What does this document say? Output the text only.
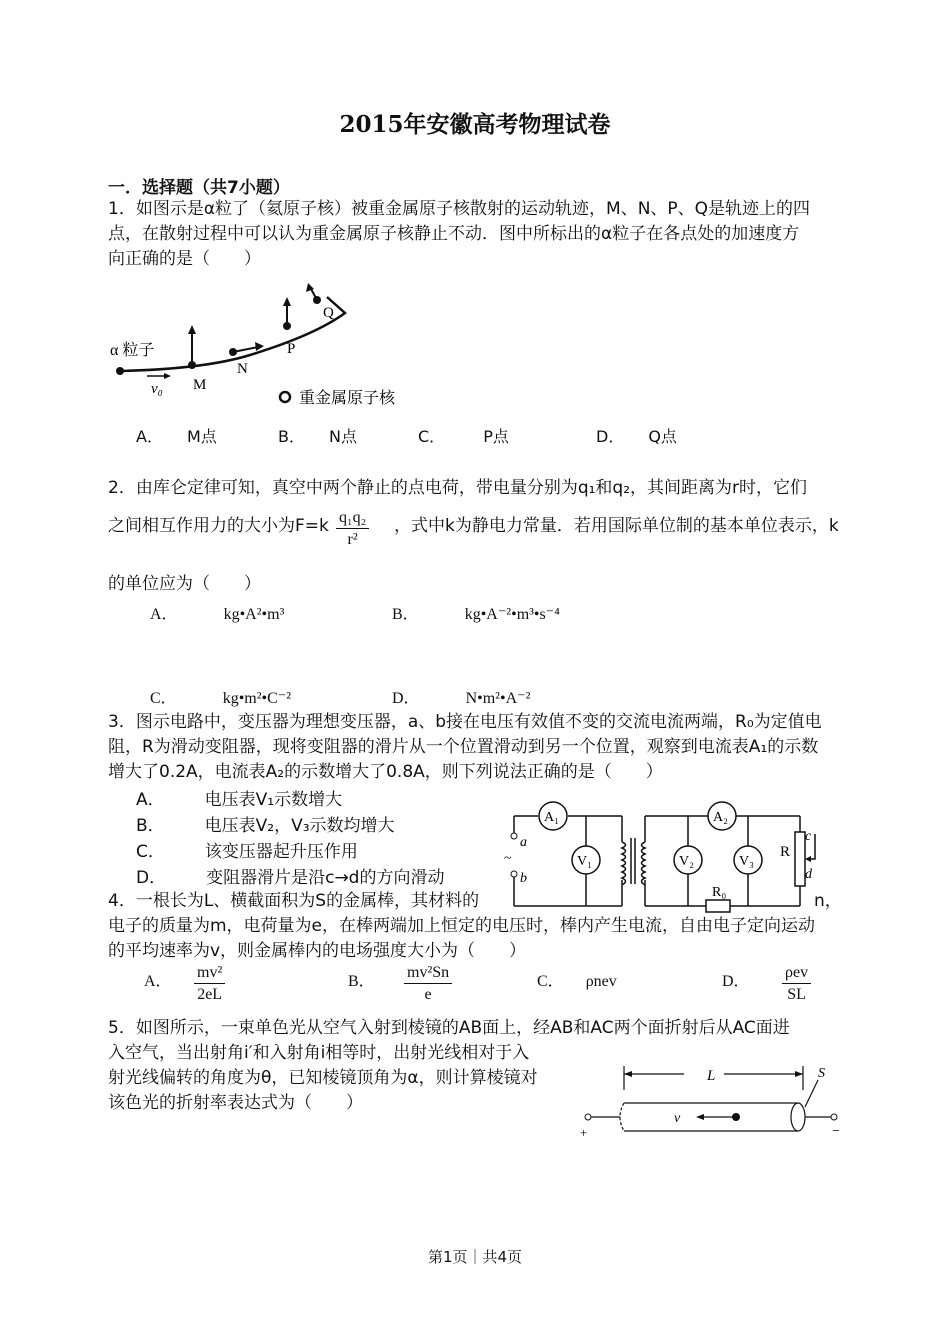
2015年安徽高考物理试卷
一．选择题（共7小题）
1．如图示是α粒了（氦原子核）被重金属原子核散射的运动轨迹，M、N、P、Q是轨迹上的四
点，在散射过程中可以认为重金属原子核静止不动．图中所标出的α粒子在各点处的加速度方
向正确的是（　　）
α 粒子
v₀ M
N
P
Q
重金属原子核
A． M点	B． N点	C． P点	D． Q点
2．由库仑定律可知，真空中两个静止的点电荷，带电量分别为q₁和q₂，其间距离为r时，它们
之间相互作用力的大小为$F=k \frac{\text{q₁q₂}}{\text{r²}}$ ，式中k为静电力常量．若用国际单位制的基本单位表示，k
的单位应为（　　）
A．	kg•A²•m³	B．	kg•A⁻²•m³•s⁻⁴
C．	kg•m²•C⁻²	D．	N•m²•A⁻²
3．图示电路中，变压器为理想变压器，a、b接在电压有效值不变的交流电流两端，R₀为定值电
阻，R为滑动变阻器，现将变阻器的滑片从一个位置滑动到另一个位置，观察到电流表A₁的示数
增大了0.2A，电流表A₂的示数增大了0.8A，则下列说法正确的是（　　）
A． 电压表V₁示数增大
B． 电压表V₂，V₃示数均增大
C． 该变压器起升压作用
D． 变阻器滑片是沿c→d的方向滑动
a
b
~
A₁
V₁
A₂
V₂	V₃
R
R₀
c
d
4．一根长为L、横截面积为S的金属棒，其材料的	n，
电子的质量为m，电荷量为e，在棒两端加上恒定的电压时，棒内产生电流，自由电子定向运动
的平均速率为v，则金属棒内的电场强度大小为（　　）
A． $\frac{\text{mv²}}{2eL}$	B． $\frac{\text{mv²Sn}}{e}$	C． ρnev	D．
ρev
SL
5．如图所示，一束单色光从空气入射到棱镜的AB面上，经AB和AC两个面折射后从AC面进
入空气，当出射角i′和入射角i相等时，出射光线相对于入
射光线偏转的角度为θ，已知棱镜顶角为α，则计算棱镜对
该色光的折射率表达式为（　　）
L	S
v
+	−
第1页｜共4页
